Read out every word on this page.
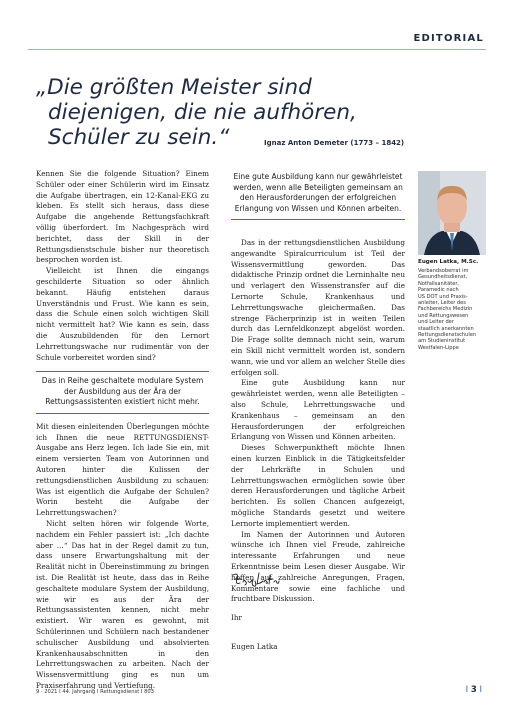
EDITORIAL
„Die größten Meister sind
diejenigen, die nie aufhören,
Schüler zu sein.“	Ignaz Anton Demeter (1773 – 1842)

Kennen Sie die folgende Situation? Einem Schüler oder einer Schülerin wird im Einsatz die Aufgabe übertragen, ein 12-Kanal-EKG zu kleben. Es stellt sich heraus, dass diese Aufgabe die angehende Rettungsfachkraft völlig überfordert. Im Nachgespräch wird berichtet, dass der Skill in der Rettungsdienstschule bisher nur theoretisch besprochen worden ist.

Vielleicht ist Ihnen die eingangs geschilderte Situation so oder ähnlich bekannt. Häufig entstehen daraus Unverständnis und Frust. Wie kann es sein, dass die Schule einen solch wichtigen Skill nicht vermittelt hat? Wie kann es sein, dass die Auszubildenden für den Lernort Lehrrettungswache nur rudimentär von der Schule vorbereitet worden sind?

Das in Reihe geschaltete modulare System der Ausbildung aus der Ära der Rettungsassistenten existiert nicht mehr.

Mit diesen einleitenden Überlegungen möchte ich Ihnen die neue RETTUNGSDIENST-Ausgabe ans Herz legen. Ich lade Sie ein, mit einem versierten Team von Autorinnen und Autoren hinter die Kulissen der rettungsdienstlichen Ausbildung zu schauen: Was ist eigentlich die Aufgabe der Schulen? Worin besteht die Aufgabe der Lehrrettungswachen?

Nicht selten hören wir folgende Worte, nachdem ein Fehler passiert ist: „Ich dachte aber …“ Das hat in der Regel damit zu tun, dass unsere Erwartungshaltung mit der Realität nicht in Übereinstimmung zu bringen ist. Die Realität ist heute, dass das in Reihe geschaltete modulare System der Ausbildung, wie wir es aus der Ära der Rettungsassistenten kennen, nicht mehr existiert. Wir waren es gewohnt, mit Schülerinnen und Schülern nach bestandener schulischer Ausbildung und absolvierten Krankenhausabschnitten in den Lehrrettungswachen zu arbeiten. Nach der Wissensvermittlung ging es nun um Praxiserfahrung und Vertiefung.

Eine gute Ausbildung kann nur gewährleistet werden, wenn alle Beteiligten gemeinsam an den Herausforderungen der erfolgreichen Erlangung von Wissen und Können arbeiten.

Das in der rettungsdienstlichen Ausbildung angewandte Spiralcurriculum ist Teil der Wissensvermittlung geworden. Das didaktische Prinzip ordnet die Lerninhalte neu und verlagert den Wissenstransfer auf die Lernorte Schule, Krankenhaus und Lehrrettungswache gleichermaßen. Das strenge Fächerprinzip ist in weiten Teilen durch das Lernfeldkonzept abgelöst worden. Die Frage sollte demnach nicht sein, warum ein Skill nicht vermittelt worden ist, sondern wann, wie und vor allem an welcher Stelle dies erfolgen soll.

Eine gute Ausbildung kann nur gewährleistet werden, wenn alle Beteiligten – also Schule, Lehrrettungswache und Krankenhaus – gemeinsam an den Herausforderungen der erfolgreichen Erlangung von Wissen und Können arbeiten.

Dieses Schwerpunktheft möchte Ihnen einen kurzen Einblick in die Tätigkeitsfelder der Lehrkräfte in Schulen und Lehrrettungswachen ermöglichen sowie über deren Herausforderungen und tägliche Arbeit berichten. Es sollen Chancen aufgezeigt, mögliche Standards gesetzt und weitere Lernorte implementiert werden.

Im Namen der Autorinnen und Autoren wünsche ich Ihnen viel Freude, zahlreiche interessante Erfahrungen und neue Erkenntnisse beim Lesen dieser Ausgabe. Wir hoffen auf zahlreiche Anregungen, Fragen, Kommentare sowie eine fachliche und fruchtbare Diskussion.

Ihr

Eugen Latka

Eugen Latka, M.Sc.
Verbandsoberrat im
Gesundheitsdienst,
Notfallsanitäter,
Paramedic nach
US DOT und Praxis-
anleiter, Leiter des
Fachbereichs Medizin
und Rettungswesen
und Leiter der
staatlich anerkannten
Rettungsdienstschulen
am Studieninstitut
Westfalen-Lippe
9 · 2021 I 44. Jahrgang I Rettungsdienst I 803	I 3 I
